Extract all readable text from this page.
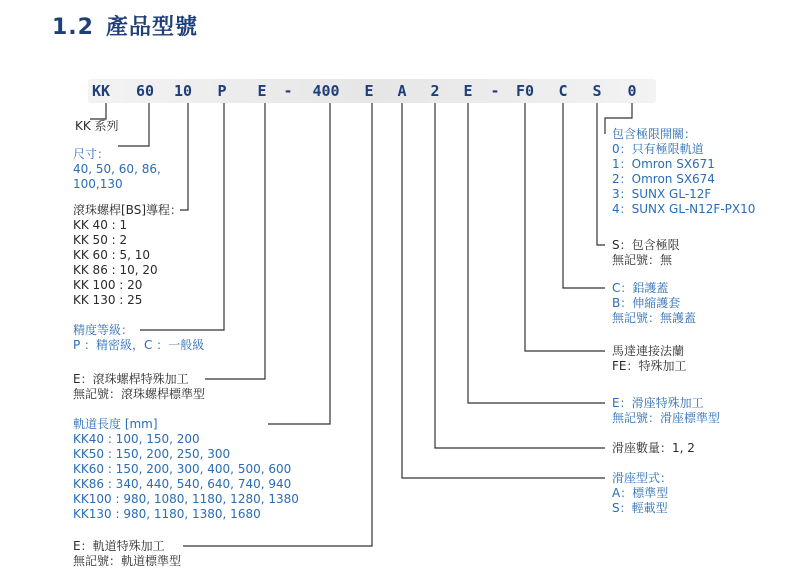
1.2 產品型號
KK	60	10	P	E	-	400	E	A	2	E	-	F0	C	S	0
KK 系列
尺寸：
40, 50, 60, 86,
100,130
滾珠螺桿[BS]導程：
KK 40 : 1
KK 50 : 2
KK 60 : 5, 10
KK 86 : 10, 20
KK 100 : 20
KK 130 : 25
精度等級：
P ：精密級，C ：一般級
E：滾珠螺桿特殊加工
無記號：滾珠螺桿標準型
軌道長度 [mm]
KK40 : 100, 150, 200
KK50 : 150, 200, 250, 300
KK60 : 150, 200, 300, 400, 500, 600
KK86 : 340, 440, 540, 640, 740, 940
KK100 : 980, 1080, 1180, 1280, 1380
KK130 : 980, 1180, 1380, 1680
E：軌道特殊加工
無記號：軌道標準型
包含極限開關：
0：只有極限軌道
1：Omron SX671
2：Omron SX674
3：SUNX GL-12F
4：SUNX GL-N12F-PX10
S：包含極限
無記號：無
C：鋁護蓋
B：伸縮護套
無記號：無護蓋
馬達連接法蘭
FE：特殊加工
E：滑座特殊加工
無記號：滑座標準型
滑座數量：1, 2
滑座型式：
A：標準型
S：輕載型
